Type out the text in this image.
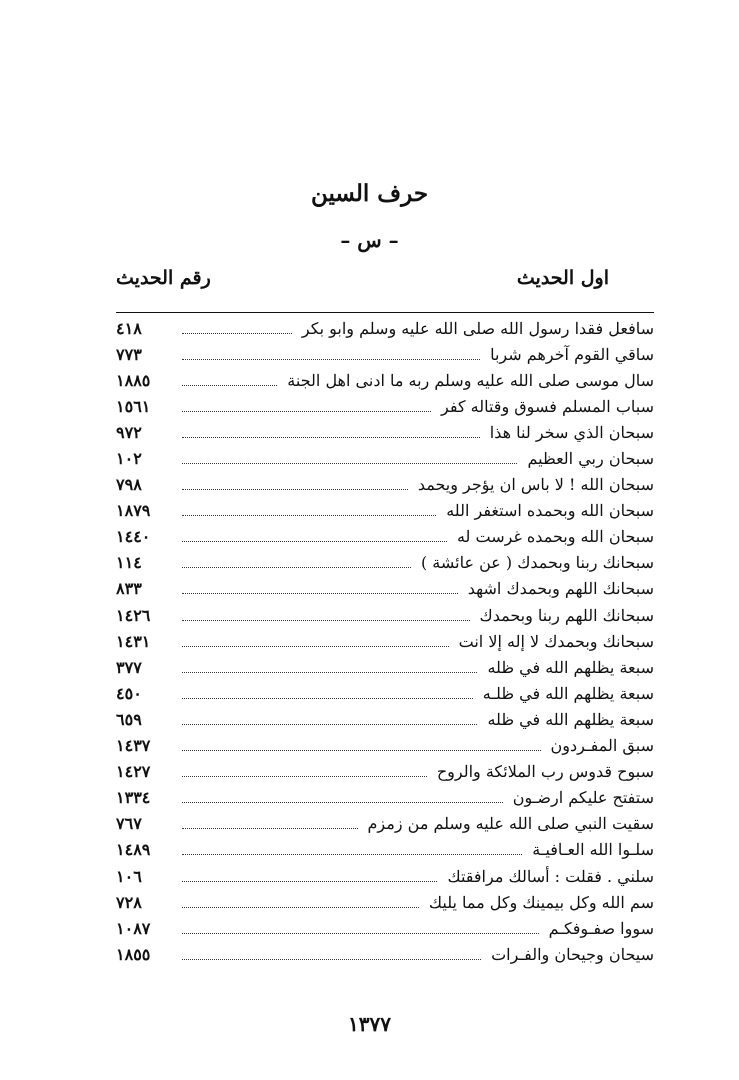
حرف السين
– س –
اول الحديث
رقم الحديث
سافعل فقدا رسول الله صلى الله عليه وسلم وابو بكر
٤١٨
ساقي القوم آخرهم شربا
٧٧٣
سال موسى صلى الله عليه وسلم ربه ما ادنى اهل الجنة
١٨٨٥
سباب المسلم فسوق وقتاله كفر
١٥٦١
سبحان الذي سخر لنا هذا
٩٧٢
سبحان ربي العظيم
١٠٢
سبحان الله ! لا باس ان يؤجر ويحمد
٧٩٨
سبحان الله وبحمده استغفر الله
١٨٧٩
سبحان الله وبحمده غرست له
١٤٤٠
سبحانك ربنا وبحمدك ( عن عائشة )
١١٤
سبحانك اللهم وبحمدك اشهد
٨٣٣
سبحانك اللهم ربنا وبحمدك
١٤٢٦
سبحانك وبحمدك لا إله إلا انت
١٤٣١
سبعة يظلهم الله في ظله
٣٧٧
سبعة يظلهم الله في ظلـه
٤٥٠
سبعة يظلهم الله في ظله
٦٥٩
سبق المفـردون
١٤٣٧
سبوح قدوس رب الملائكة والروح
١٤٢٧
ستفتح عليكم ارضـون
١٣٣٤
سقيت النبي صلى الله عليه وسلم من زمزم
٧٦٧
سلـوا الله العـافيـة
١٤٨٩
سلني . فقلت : أسالك مرافقتك
١٠٦
سم الله وكل بيمينك وكل مما يليك
٧٢٨
سووا صفـوفكـم
١٠٨٧
سيحان وجيحان والفـرات
١٨٥٥
١٣٧٧
